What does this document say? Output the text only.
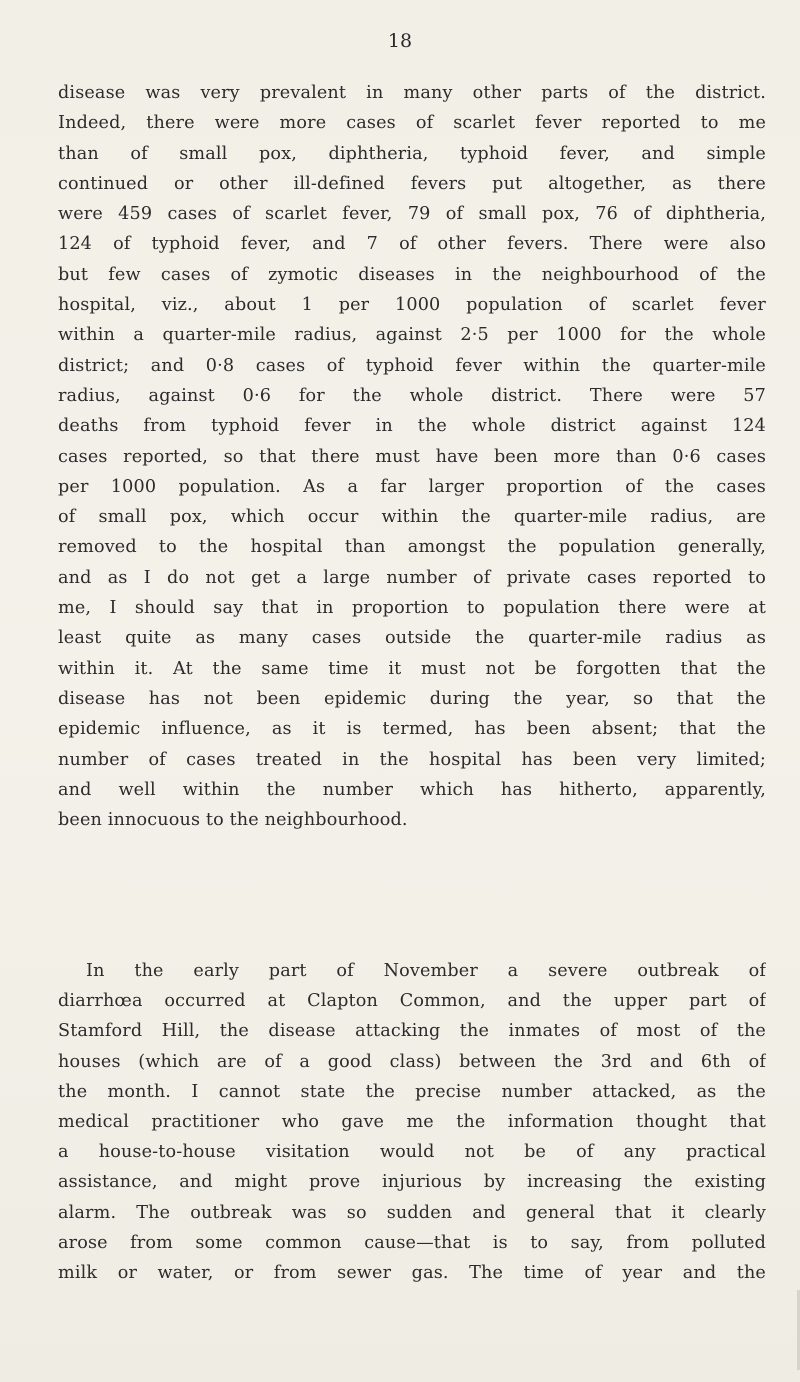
18
disease was very prevalent in many other parts of the district.
Indeed, there were more cases of scarlet fever reported to me
than of small pox, diphtheria, typhoid fever, and simple
continued or other ill-defined fevers put altogether, as there
were 459 cases of scarlet fever, 79 of small pox, 76 of diphtheria,
124 of typhoid fever, and 7 of other fevers. There were also
but few cases of zymotic diseases in the neighbourhood of the
hospital, viz., about 1 per 1000 population of scarlet fever
within a quarter-mile radius, against 2·5 per 1000 for the whole
district; and 0·8 cases of typhoid fever within the quarter-mile
radius, against 0·6 for the whole district. There were 57
deaths from typhoid fever in the whole district against 124
cases reported, so that there must have been more than 0·6 cases
per 1000 population. As a far larger proportion of the cases
of small pox, which occur within the quarter-mile radius, are
removed to the hospital than amongst the population generally,
and as I do not get a large number of private cases reported to
me, I should say that in proportion to population there were at
least quite as many cases outside the quarter-mile radius as
within it. At the same time it must not be forgotten that the
disease has not been epidemic during the year, so that the
epidemic influence, as it is termed, has been absent; that the
number of cases treated in the hospital has been very limited;
and well within the number which has hitherto, apparently,
been innocuous to the neighbourhood.
In the early part of November a severe outbreak of
diarrhœa occurred at Clapton Common, and the upper part of
Stamford Hill, the disease attacking the inmates of most of the
houses (which are of a good class) between the 3rd and 6th of
the month. I cannot state the precise number attacked, as the
medical practitioner who gave me the information thought that
a house-to-house visitation would not be of any practical
assistance, and might prove injurious by increasing the existing
alarm. The outbreak was so sudden and general that it clearly
arose from some common cause—that is to say, from polluted
milk or water, or from sewer gas. The time of year and the
